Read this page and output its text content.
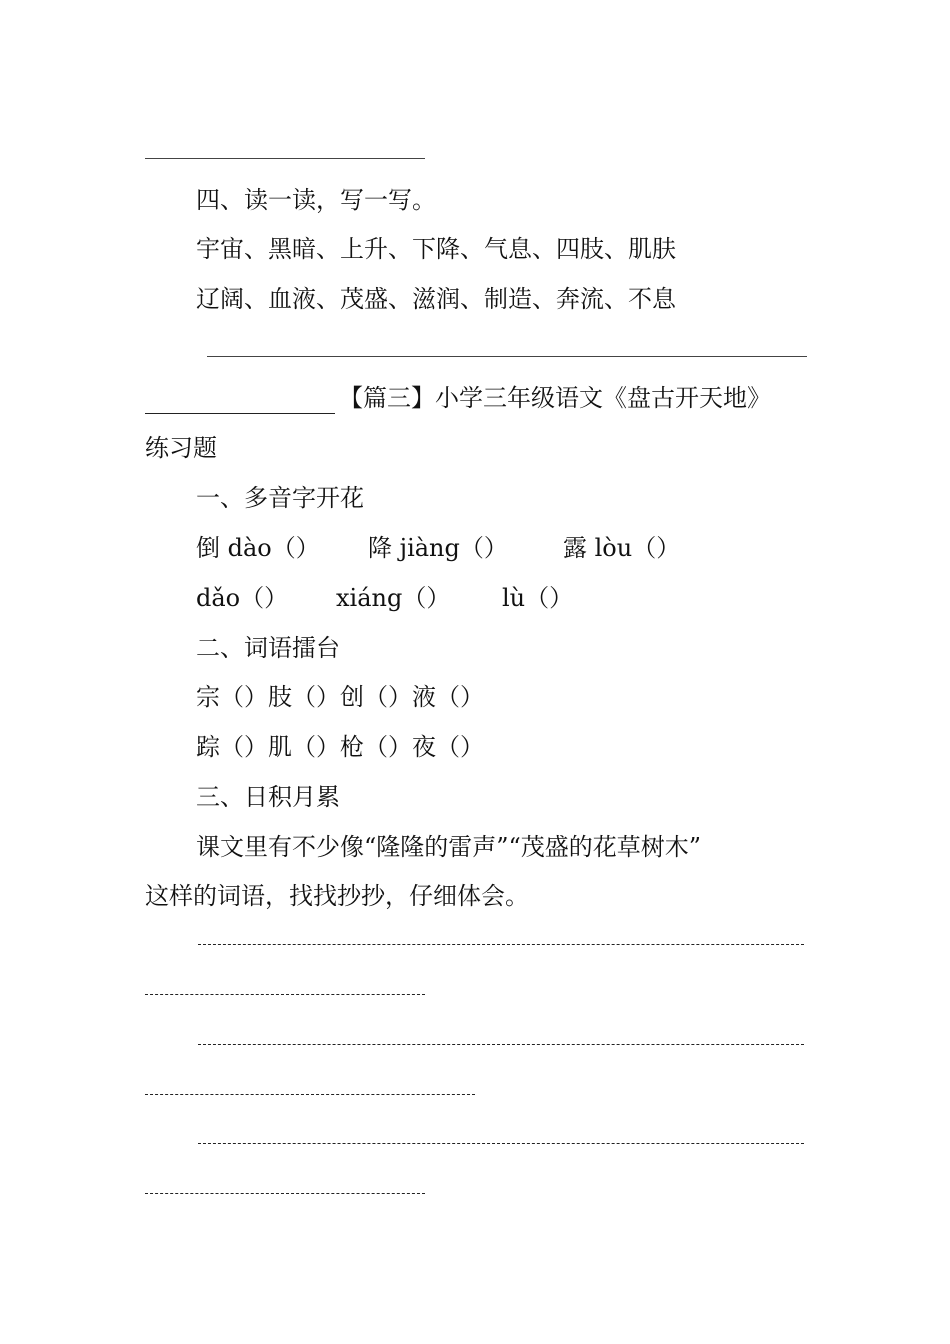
四、读一读，写一写。
宇宙、黑暗、上升、下降、气息、四肢、肌肤
辽阔、血液、茂盛、滋润、制造、奔流、不息
【篇三】小学三年级语文《盘古开天地》
练习题
一、多音字开花
倒 dào（） 降 jiàng（） 露 lòu（）
dǎo（） xiáng（） lù（）
二、词语擂台
宗（）肢（）创（）液（）
踪（）肌（）枪（）夜（）
三、日积月累
课文里有不少像“隆隆的雷声”“茂盛的花草树木”
这样的词语，找找抄抄，仔细体会。
